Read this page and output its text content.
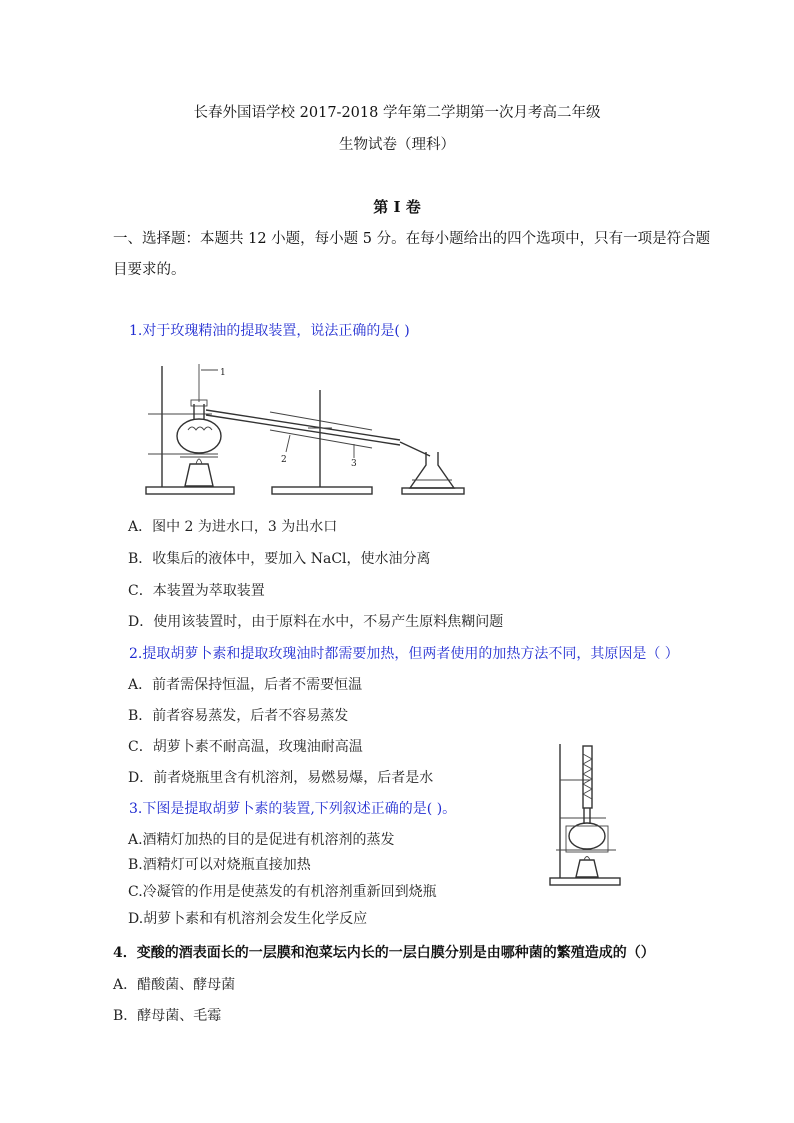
长春外国语学校 2017-2018 学年第二学期第一次月考高二年级
生物试卷（理科）
第 I 卷
一、选择题：本题共 12 小题，每小题 5 分。在每小题给出的四个选项中，只有一项是符合题
目要求的。
1.对于玫瑰精油的提取装置，说法正确的是( )
1
2	3
A．图中 2 为进水口，3 为出水口
B．收集后的液体中，要加入 NaCl，使水油分离
C．本装置为萃取装置
D．使用该装置时，由于原料在水中，不易产生原料焦糊问题
2.提取胡萝卜素和提取玫瑰油时都需要加热，但两者使用的加热方法不同，其原因是（ ）
A．前者需保持恒温，后者不需要恒温
B．前者容易蒸发，后者不容易蒸发
C．胡萝卜素不耐高温，玫瑰油耐高温
D．前者烧瓶里含有机溶剂，易燃易爆，后者是水
3.下图是提取胡萝卜素的装置,下列叙述正确的是( )。
A.酒精灯加热的目的是促进有机溶剂的蒸发
B.酒精灯可以对烧瓶直接加热
C.冷凝管的作用是使蒸发的有机溶剂重新回到烧瓶
D.胡萝卜素和有机溶剂会发生化学反应
4．变酸的酒表面长的一层膜和泡菜坛内长的一层白膜分别是由哪种菌的繁殖造成的（）
A．醋酸菌、酵母菌
B．酵母菌、毛霉
